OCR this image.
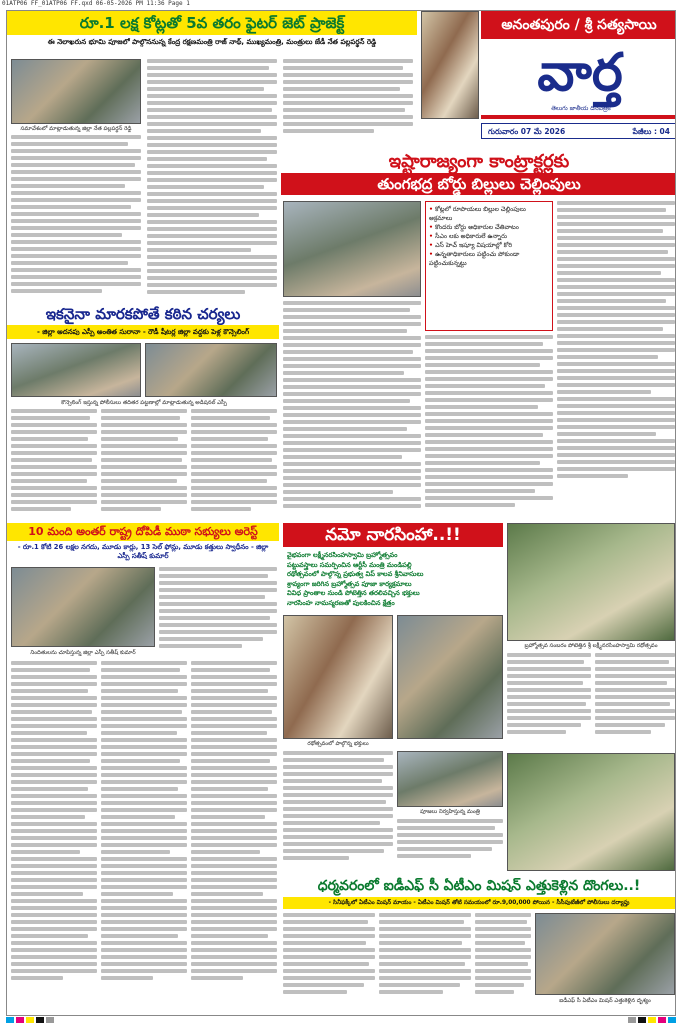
01ATP06 FF_01ATP06 FF.qxd 06-05-2026 PM 11:36 Page 1
రూ.1 లక్ష కోట్లతో 5వ తరం ఫైటర్ జెట్ ప్రాజెక్ట్
ఈ నెలాఖరున భూమి పూజలో పాల్గొననున్న కేంద్ర రక్షణమంత్రి రాజ్ నాథ్, ముఖ్యమంత్రి, మంత్రులు జేడీ నేత పల్లపర్థన్ రెడ్డి
సమావేశంలో మాట్లాడుతున్న జిల్లా నేత పల్లపర్థన్ రెడ్డి
అనంతపురం / శ్రీ సత్యసాయి
వార్త
తెలుగు జాతీయ దినపత్రిక
గురువారం 07 మే 2026	పేజీలు : 04
ఇష్టారాజ్యంగా కాంట్రాక్టర్లకు
తుంగభద్ర బోర్డు బిల్లులు చెల్లింపులు
• కోట్లలో రూపాయలు బిల్లుల చెల్లింపులు అక్రమాలు
• కొందరు బోర్డు అధికారుల చేతివాటం
• సీఎం లకు అధికారులే ఉన్నారు
• ఎస్ హెచ్ ఇష్యూ విషయాల్లో కోరి
• ఉన్నతాధికారులు పట్టించు పోకుండా పట్టించుకున్నట్టు
ఇకనైనా మారకపోతే కఠిన చర్యలు
- జిల్లా అదనపు ఎస్పీ అంతిత సురానా - రౌడీ షీటర్ల జిల్లా వద్దకు పెళ్ల కౌన్సెలింగ్
కౌన్సెలింగ్ ఇస్తున్న పోలీసులు తదితర పట్టణాల్లో మాట్లాడుతున్న అడిషనల్ ఎస్పీ
10 మంది అంతర్ రాష్ట్ర దోపిడీ ముఠా సభ్యులు అరెస్ట్
- రూ.1 కోటి 26 లక్షల నగదు, మూడు కార్లు, 13 సెల్ ఫోన్లు, మూడు కత్తులు స్వాధీనం - జిల్లా ఎస్పీ సతీష్ కుమార్
నిందితులను చూపిస్తున్న జిల్లా ఎస్పీ సతీష్ కుమార్
నమో నారసింహా..!!
వైభవంగా లక్ష్మీనరసింహస్వామి బ్రహ్మోత్సవం
పట్టువస్త్రాలు సమర్పించిన ఆర్టీసీ మంత్రి మండిపల్లి
రథోత్సవంలో పాల్గొన్న ప్రభుత్వ విప్ కాలవ శ్రీనివాసులు
శ్రావ్యంగా జరిగిన బ్రహ్మోత్సవ పూజా కార్యక్రమాలు
వివిధ ప్రాంతాల నుండి పోటెత్తిన తరలివచ్చిన భక్తులు
నారసింహ నామస్మరణతో పులకించిన క్షేత్రం
బ్రహ్మోత్సవ సంబరం పోటెత్తిన శ్రీ లక్ష్మీనరసింహస్వామి రథోత్సవం
రథోత్సవంలో పాల్గొన్న భక్తులు
పూజలు నిర్వహిస్తున్న మంత్రి
ధర్మవరంలో ఐడీఎఫ్ సీ ఏటీఎం మిషన్ ఎత్తుకెళ్లిన దొంగలు..!
- సినీఫక్కీలో ఏటీఎం మిషన్ మాయం - ఏటీఎం మిషన్ తోటి సమయంలో రూ.9,00,000 పోయిన - సీసీపుటేజీలో పోలీసులు దర్యాప్తు
ఐడీఎఫ్ సీ ఏటీఎం మిషన్ ఎత్తుకెళ్లిన దృశ్యం
